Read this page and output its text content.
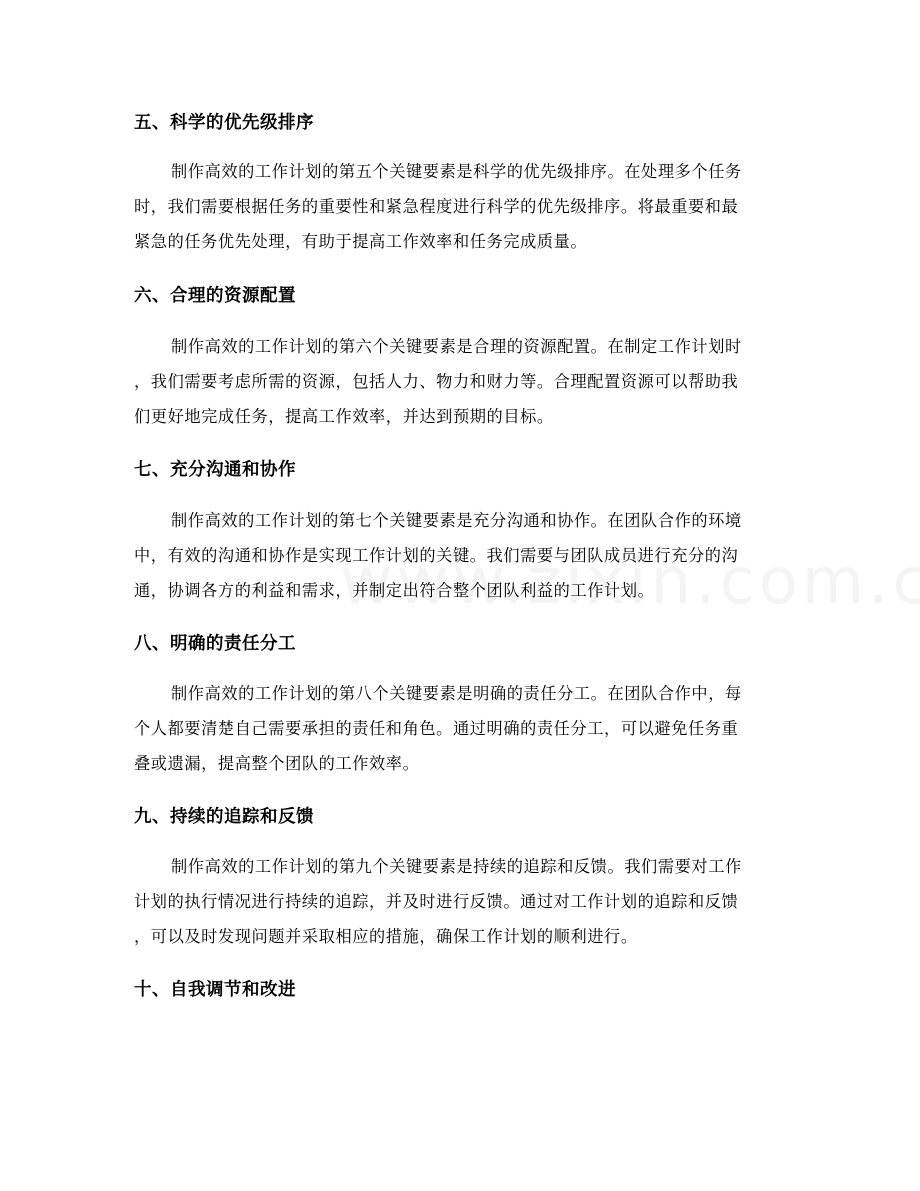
五、科学的优先级排序
制作高效的工作计划的第五个关键要素是科学的优先级排序。在处理多个任务
时，我们需要根据任务的重要性和紧急程度进行科学的优先级排序。将最重要和最
紧急的任务优先处理，有助于提高工作效率和任务完成质量。
六、合理的资源配置
制作高效的工作计划的第六个关键要素是合理的资源配置。在制定工作计划时
，我们需要考虑所需的资源，包括人力、物力和财力等。合理配置资源可以帮助我
们更好地完成任务，提高工作效率，并达到预期的目标。
七、充分沟通和协作
制作高效的工作计划的第七个关键要素是充分沟通和协作。在团队合作的环境
中，有效的沟通和协作是实现工作计划的关键。我们需要与团队成员进行充分的沟
通，协调各方的利益和需求，并制定出符合整个团队利益的工作计划。
八、明确的责任分工
制作高效的工作计划的第八个关键要素是明确的责任分工。在团队合作中，每
个人都要清楚自己需要承担的责任和角色。通过明确的责任分工，可以避免任务重
叠或遗漏，提高整个团队的工作效率。
九、持续的追踪和反馈
制作高效的工作计划的第九个关键要素是持续的追踪和反馈。我们需要对工作
计划的执行情况进行持续的追踪，并及时进行反馈。通过对工作计划的追踪和反馈
，可以及时发现问题并采取相应的措施，确保工作计划的顺利进行。
十、自我调节和改进
